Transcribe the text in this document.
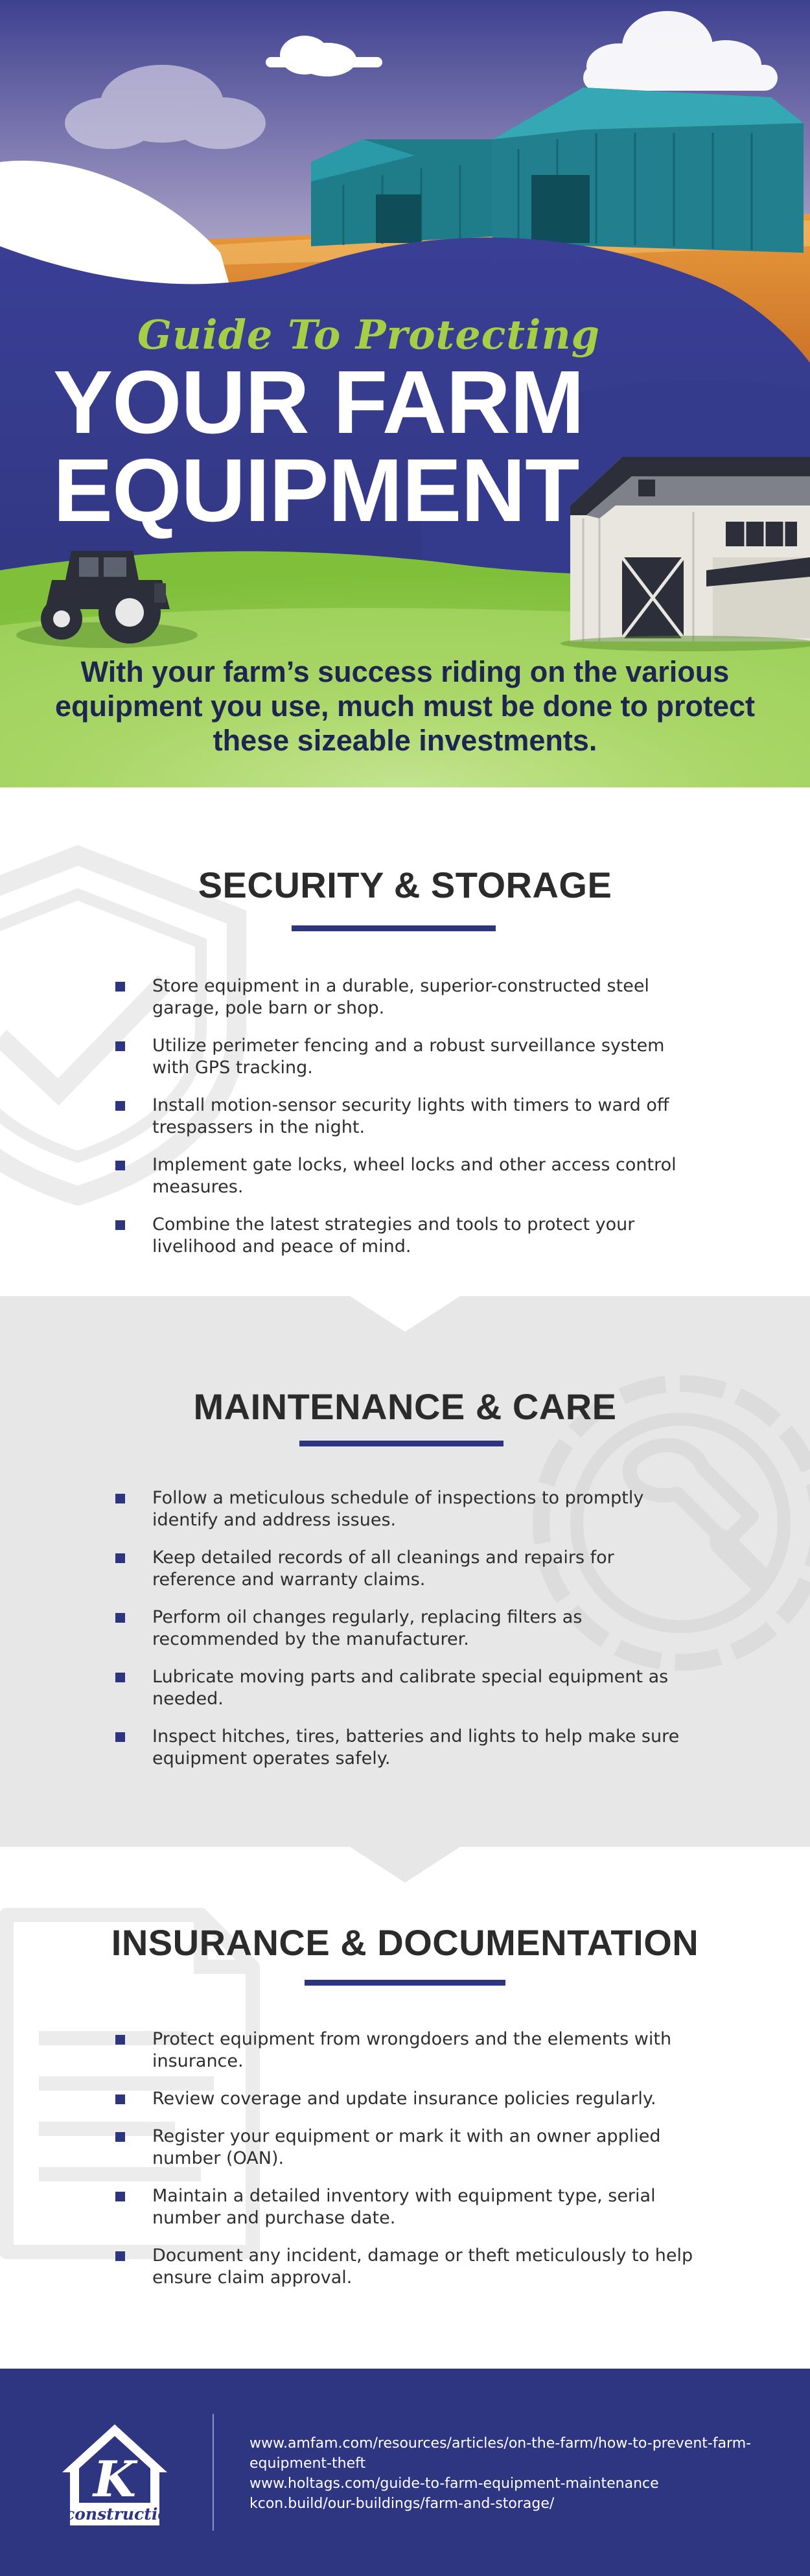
Guide To Protecting
YOUR FARM
EQUIPMENT
With your farm’s success riding on the various equipment you use, much must be done to protect these sizeable investments.
SECURITY & STORAGE
Store equipment in a durable, superior-constructed steel garage, pole barn or shop.
Utilize perimeter fencing and a robust surveillance system with GPS tracking.
Install motion-sensor security lights with timers to ward off trespassers in the night.
Implement gate locks, wheel locks and other access control measures.
Combine the latest strategies and tools to protect your livelihood and peace of mind.
MAINTENANCE & CARE
Follow a meticulous schedule of inspections to promptly identify and address issues.
Keep detailed records of all cleanings and repairs for reference and warranty claims.
Perform oil changes regularly, replacing filters as recommended by the manufacturer.
Lubricate moving parts and calibrate special equipment as needed.
Inspect hitches, tires, batteries and lights to help make sure equipment operates safely.
INSURANCE & DOCUMENTATION
Protect equipment from wrongdoers and the elements with insurance.
Review coverage and update insurance policies regularly.
Register your equipment or mark it with an owner applied number (OAN).
Maintain a detailed inventory with equipment type, serial number and purchase date.
Document any incident, damage or theft meticulously to help ensure claim approval.
K
construction
www.amfam.com/resources/articles/on-the-farm/how-to-prevent-farm-equipment-theft
www.holtags.com/guide-to-farm-equipment-maintenance
kcon.build/our-buildings/farm-and-storage/
